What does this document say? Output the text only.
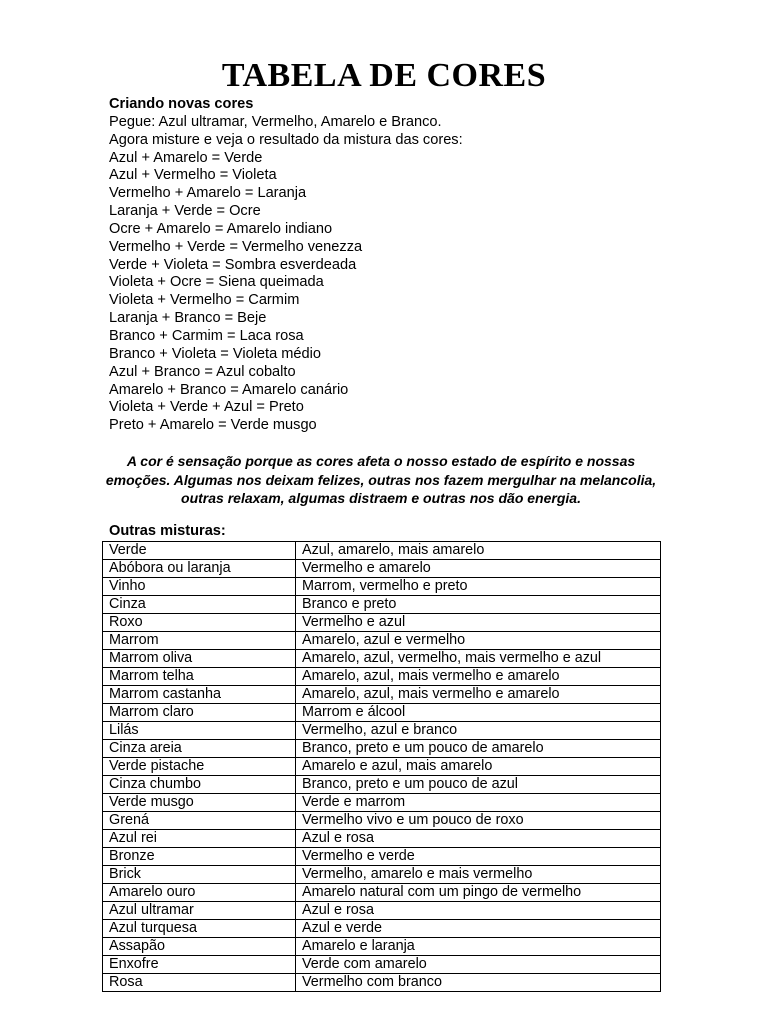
TABELA DE CORES
Criando novas cores
Pegue: Azul ultramar, Vermelho, Amarelo e Branco.
Agora misture e veja o resultado da mistura das cores:
Azul + Amarelo = Verde
Azul + Vermelho = Violeta
Vermelho + Amarelo = Laranja
Laranja + Verde = Ocre
Ocre + Amarelo = Amarelo indiano
Vermelho + Verde = Vermelho venezza
Verde + Violeta = Sombra esverdeada
Violeta + Ocre = Siena queimada
Violeta + Vermelho = Carmim
Laranja + Branco = Beje
Branco + Carmim = Laca rosa
Branco + Violeta = Violeta médio
Azul + Branco = Azul cobalto
Amarelo + Branco = Amarelo canário
Violeta + Verde + Azul = Preto
Preto + Amarelo = Verde musgo
A cor é sensação porque as cores afeta o nosso estado de espírito e nossas emoções. Algumas nos deixam felizes, outras nos fazem mergulhar na melancolia, outras relaxam, algumas distraem e outras nos dão energia.
Outras misturas:
Verde	Azul, amarelo, mais amarelo
Abóbora ou laranja	Vermelho e amarelo
Vinho	Marrom, vermelho e preto
Cinza	Branco e preto
Roxo	Vermelho e azul
Marrom	Amarelo, azul e vermelho
Marrom oliva	Amarelo, azul, vermelho, mais vermelho e azul
Marrom telha	Amarelo, azul, mais vermelho e amarelo
Marrom castanha	Amarelo, azul, mais vermelho e amarelo
Marrom claro	Marrom e álcool
Lilás	Vermelho, azul e branco
Cinza areia	Branco, preto e um pouco de amarelo
Verde pistache	Amarelo e azul, mais amarelo
Cinza chumbo	Branco, preto e um pouco de azul
Verde musgo	Verde e marrom
Grená	Vermelho vivo e um pouco de roxo
Azul rei	Azul e rosa
Bronze	Vermelho e verde
Brick	Vermelho, amarelo e mais vermelho
Amarelo ouro	Amarelo natural com um pingo de vermelho
Azul ultramar	Azul e rosa
Azul turquesa	Azul e verde
Assapão	Amarelo e laranja
Enxofre	Verde com amarelo
Rosa	Vermelho com branco
